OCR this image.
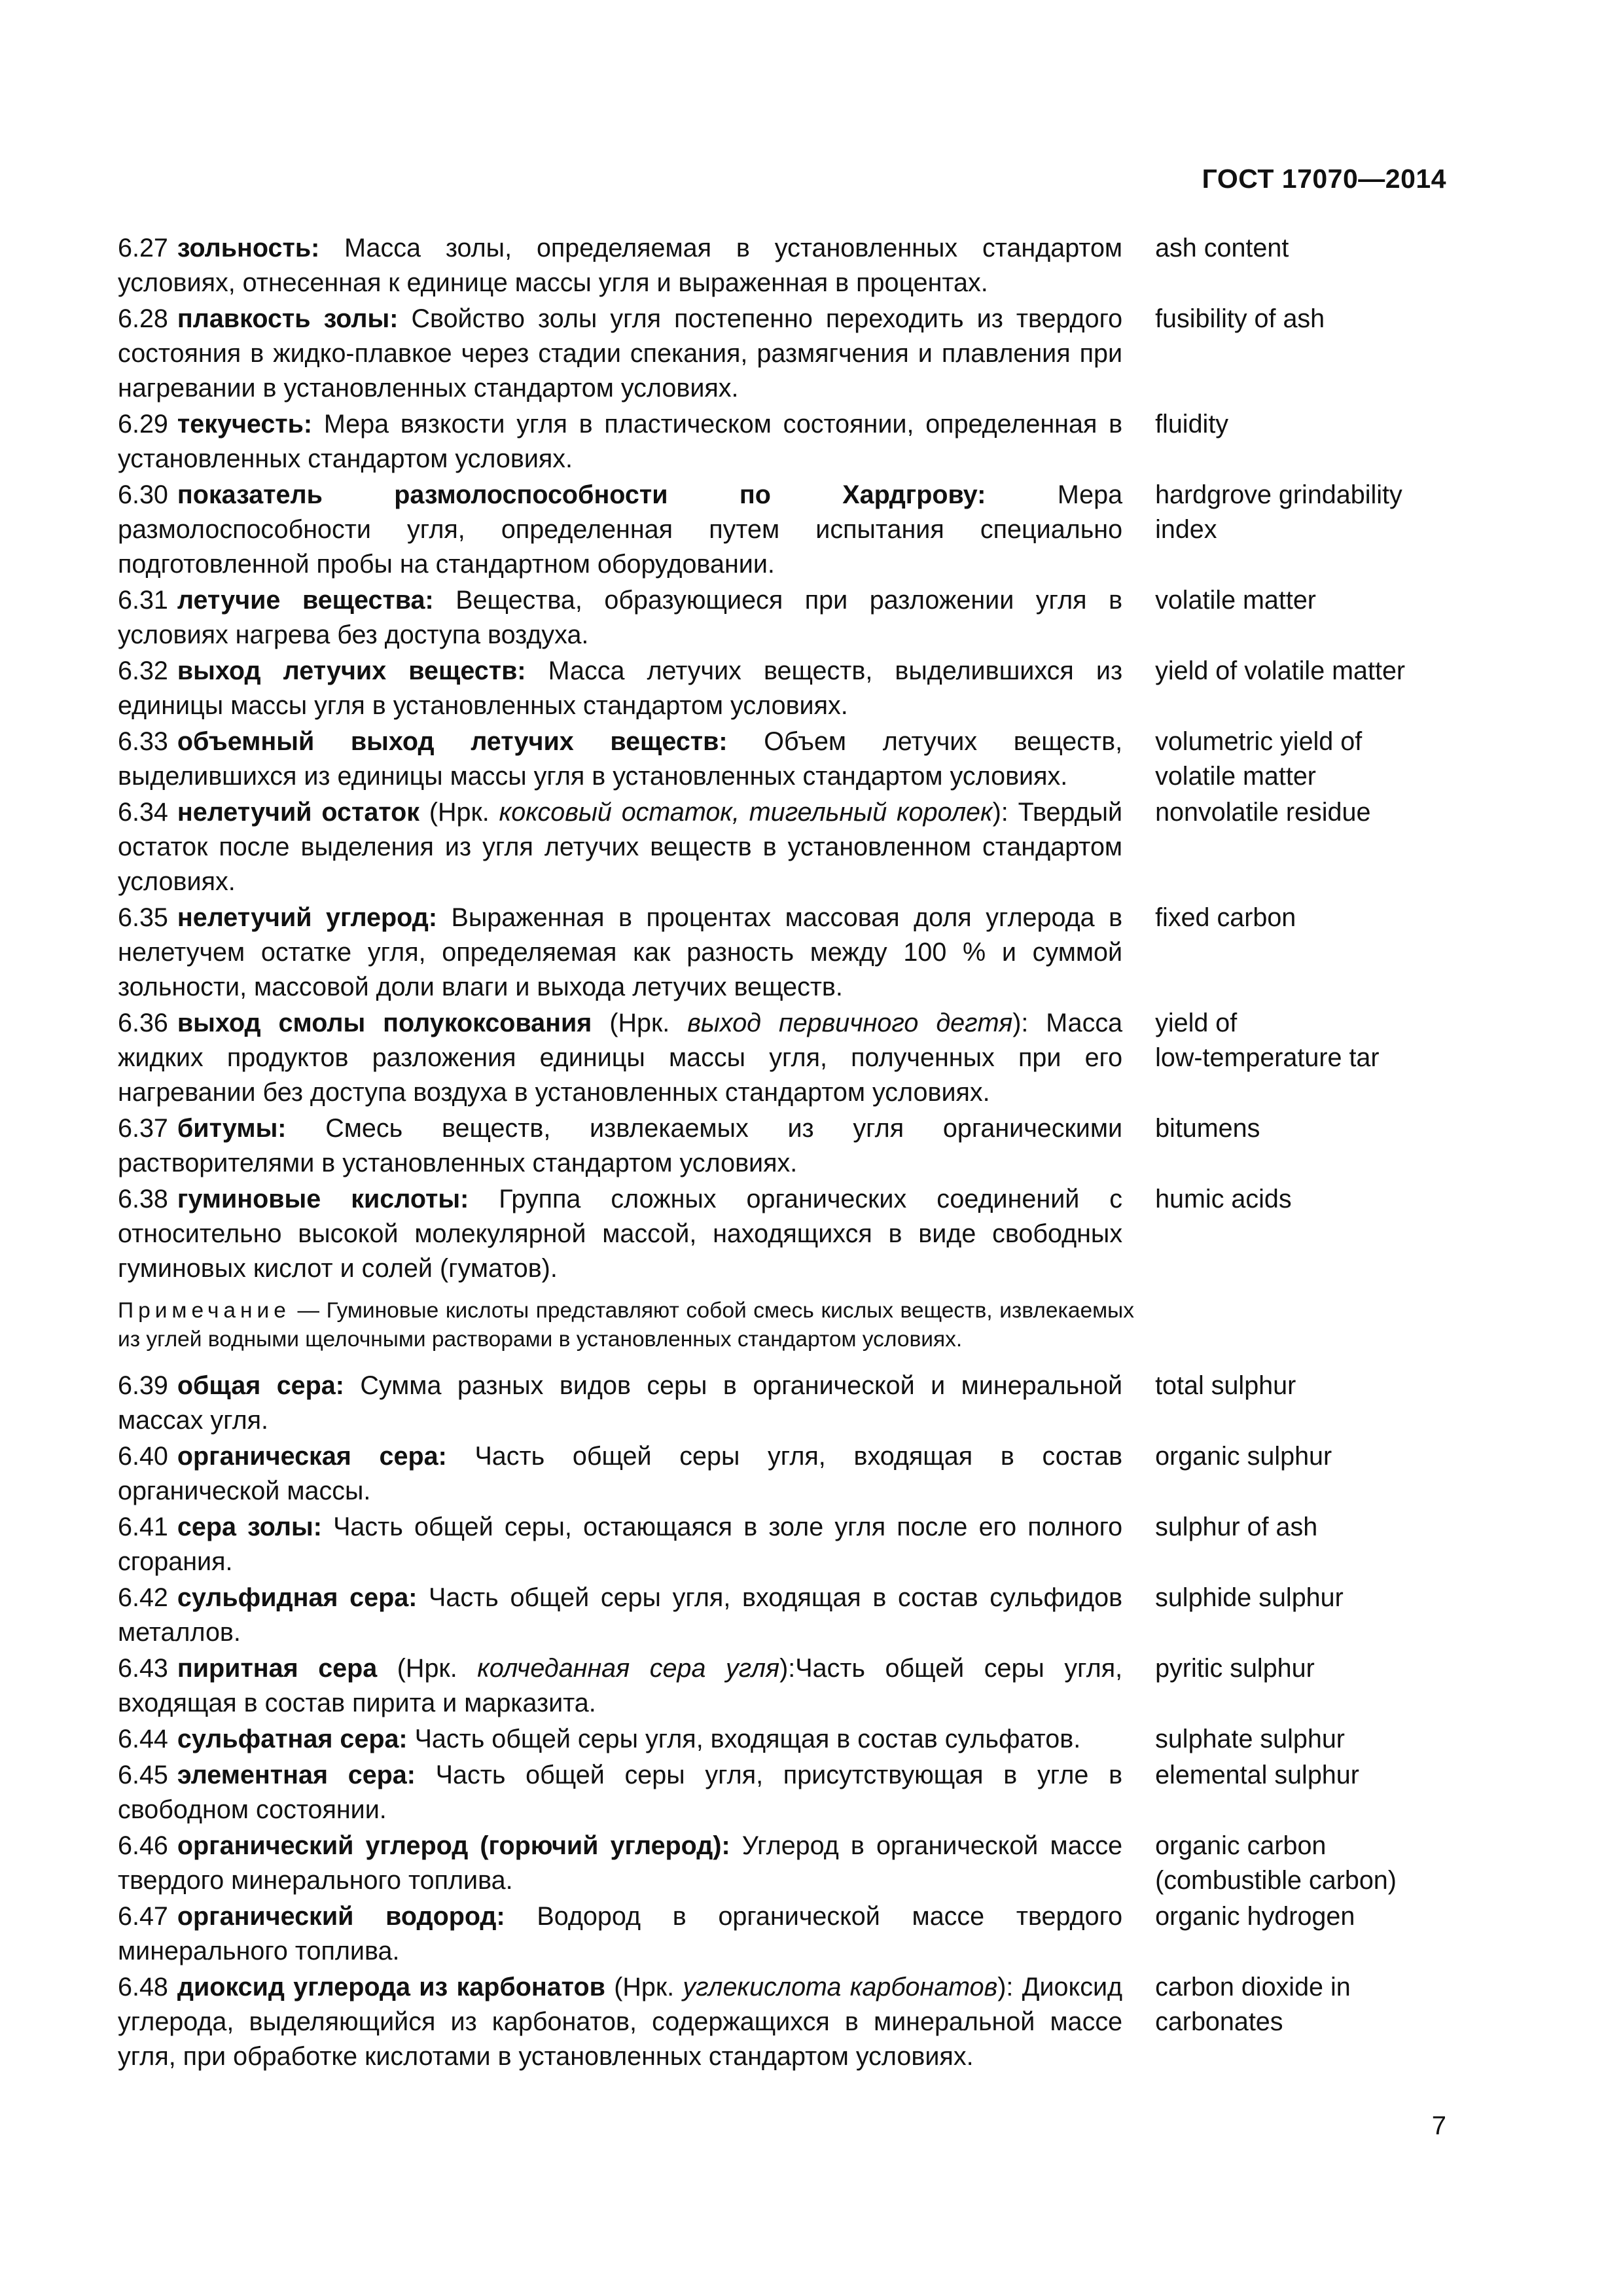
ГОСТ 17070—2014
6.27 зольность: Масса золы, определяемая в установленных стандартом условиях, отнесенная к единице массы угля и выраженная в процентах.
ash content
6.28 плавкость золы: Свойство золы угля постепенно переходить из твердого состояния в жидко-плавкое через стадии спекания, размягчения и плавления при нагревании в установленных стандартом условиях.
fusibility of ash
6.29 текучесть: Мера вязкости угля в пластическом состоянии, определенная в установленных стандартом условиях.
fluidity
6.30 показатель размолоспособности по Хардгрову: Мера размолоспособности угля, определенная путем испытания специально подготовленной пробы на стандартном оборудовании.
hardgrove grindability index
6.31 летучие вещества: Вещества, образующиеся при разложении угля в условиях нагрева без доступа воздуха.
volatile matter
6.32 выход летучих веществ: Масса летучих веществ, выделившихся из единицы массы угля в установленных стандартом условиях.
yield of volatile matter
6.33 объемный выход летучих веществ: Объем летучих веществ, выделившихся из единицы массы угля в установленных стандартом условиях.
volumetric yield of
volatile matter
6.34 нелетучий остаток (Нрк. коксовый остаток, тигельный королек): Твердый остаток после выделения из угля летучих веществ в установленном стандартом условиях.
nonvolatile residue
6.35 нелетучий углерод: Выраженная в процентах массовая доля углерода в нелетучем остатке угля, определяемая как разность между 100 % и суммой зольности, массовой доли влаги и выхода летучих веществ.
fixed carbon
6.36 выход смолы полукоксования (Нрк. выход первичного дегтя): Масса жидких продуктов разложения единицы массы угля, полученных при его нагревании без доступа воздуха в установленных стандартом условиях.
yield of
low-temperature tar
6.37 битумы: Смесь веществ, извлекаемых из угля органическими растворителями в установленных стандартом условиях.
bitumens
6.38 гуминовые кислоты: Группа сложных органических соединений с относительно высокой молекулярной массой, находящихся в виде свободных гуминовых кислот и солей (гуматов).
humic acids
Примечание — Гуминовые кислоты представляют собой смесь кислых веществ, извлекаемых из углей водными щелочными растворами в установленных стандартом условиях.
6.39 общая сера: Сумма разных видов серы в органической и минеральной массах угля.
total sulphur
6.40 органическая сера: Часть общей серы угля, входящая в состав органической массы.
organic sulphur
6.41 сера золы: Часть общей серы, остающаяся в золе угля после его полного сгорания.
sulphur of ash
6.42 сульфидная сера: Часть общей серы угля, входящая в состав сульфидов металлов.
sulphide sulphur
6.43 пиритная сера (Нрк. колчеданная сера угля):Часть общей серы угля, входящая в состав пирита и марказита.
pyritic sulphur
6.44 сульфатная сера: Часть общей серы угля, входящая в состав сульфатов.	sulphate sulphur
6.45 элементная сера: Часть общей серы угля, присутствующая в угле в свободном состоянии.
elemental sulphur
6.46 органический углерод (горючий углерод): Углерод в органической массе твердого минерального топлива.
organic carbon
(combustible carbon)
6.47 органический водород: Водород в органической массе твердого минерального топлива.
organic hydrogen
6.48 диоксид углерода из карбонатов (Нрк. углекислота карбонатов): Диоксид углерода, выделяющийся из карбонатов, содержащихся в минеральной массе угля, при обработке кислотами в установленных стандартом условиях.
carbon dioxide in
carbonates
7
